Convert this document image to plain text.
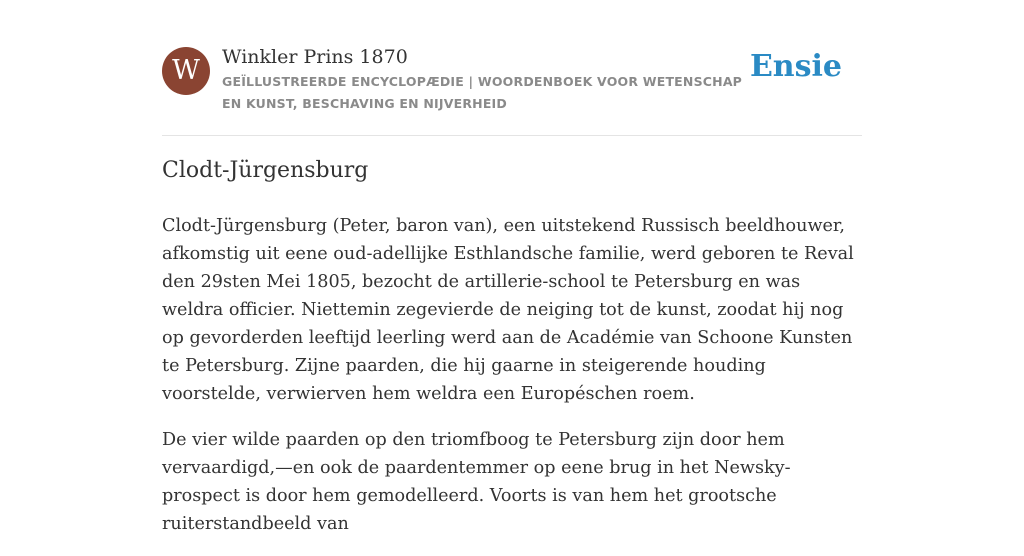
W	Winkler Prins 1870
GEÏLLUSTREERDE ENCYCLOPÆDIE | WOORDENBOEK VOOR WETENSCHAP EN KUNST, BESCHAVING EN NIJVERHEID
Ensie
Clodt-Jürgensburg

Clodt-Jürgensburg (Peter, baron van), een uitstekend Russisch beeldhouwer, afkomstig uit eene oud-adellijke Esthlandsche familie, werd geboren te Reval den 29sten Mei 1805, bezocht de artillerie-school te Petersburg en was weldra officier. Niettemin zegevierde de neiging tot de kunst, zoodat hij nog op gevorderden leeftijd leerling werd aan de Académie van Schoone Kunsten te Petersburg. Zijne paarden, die hij gaarne in steigerende houding voorstelde, verwierven hem weldra een Européschen roem.

De vier wilde paarden op den triomfboog te Petersburg zijn door hem vervaardigd,—en ook de paardentemmer op eene brug in het Newsky-prospect is door hem gemodelleerd. Voorts is van hem het grootsche ruiterstandbeeld van
